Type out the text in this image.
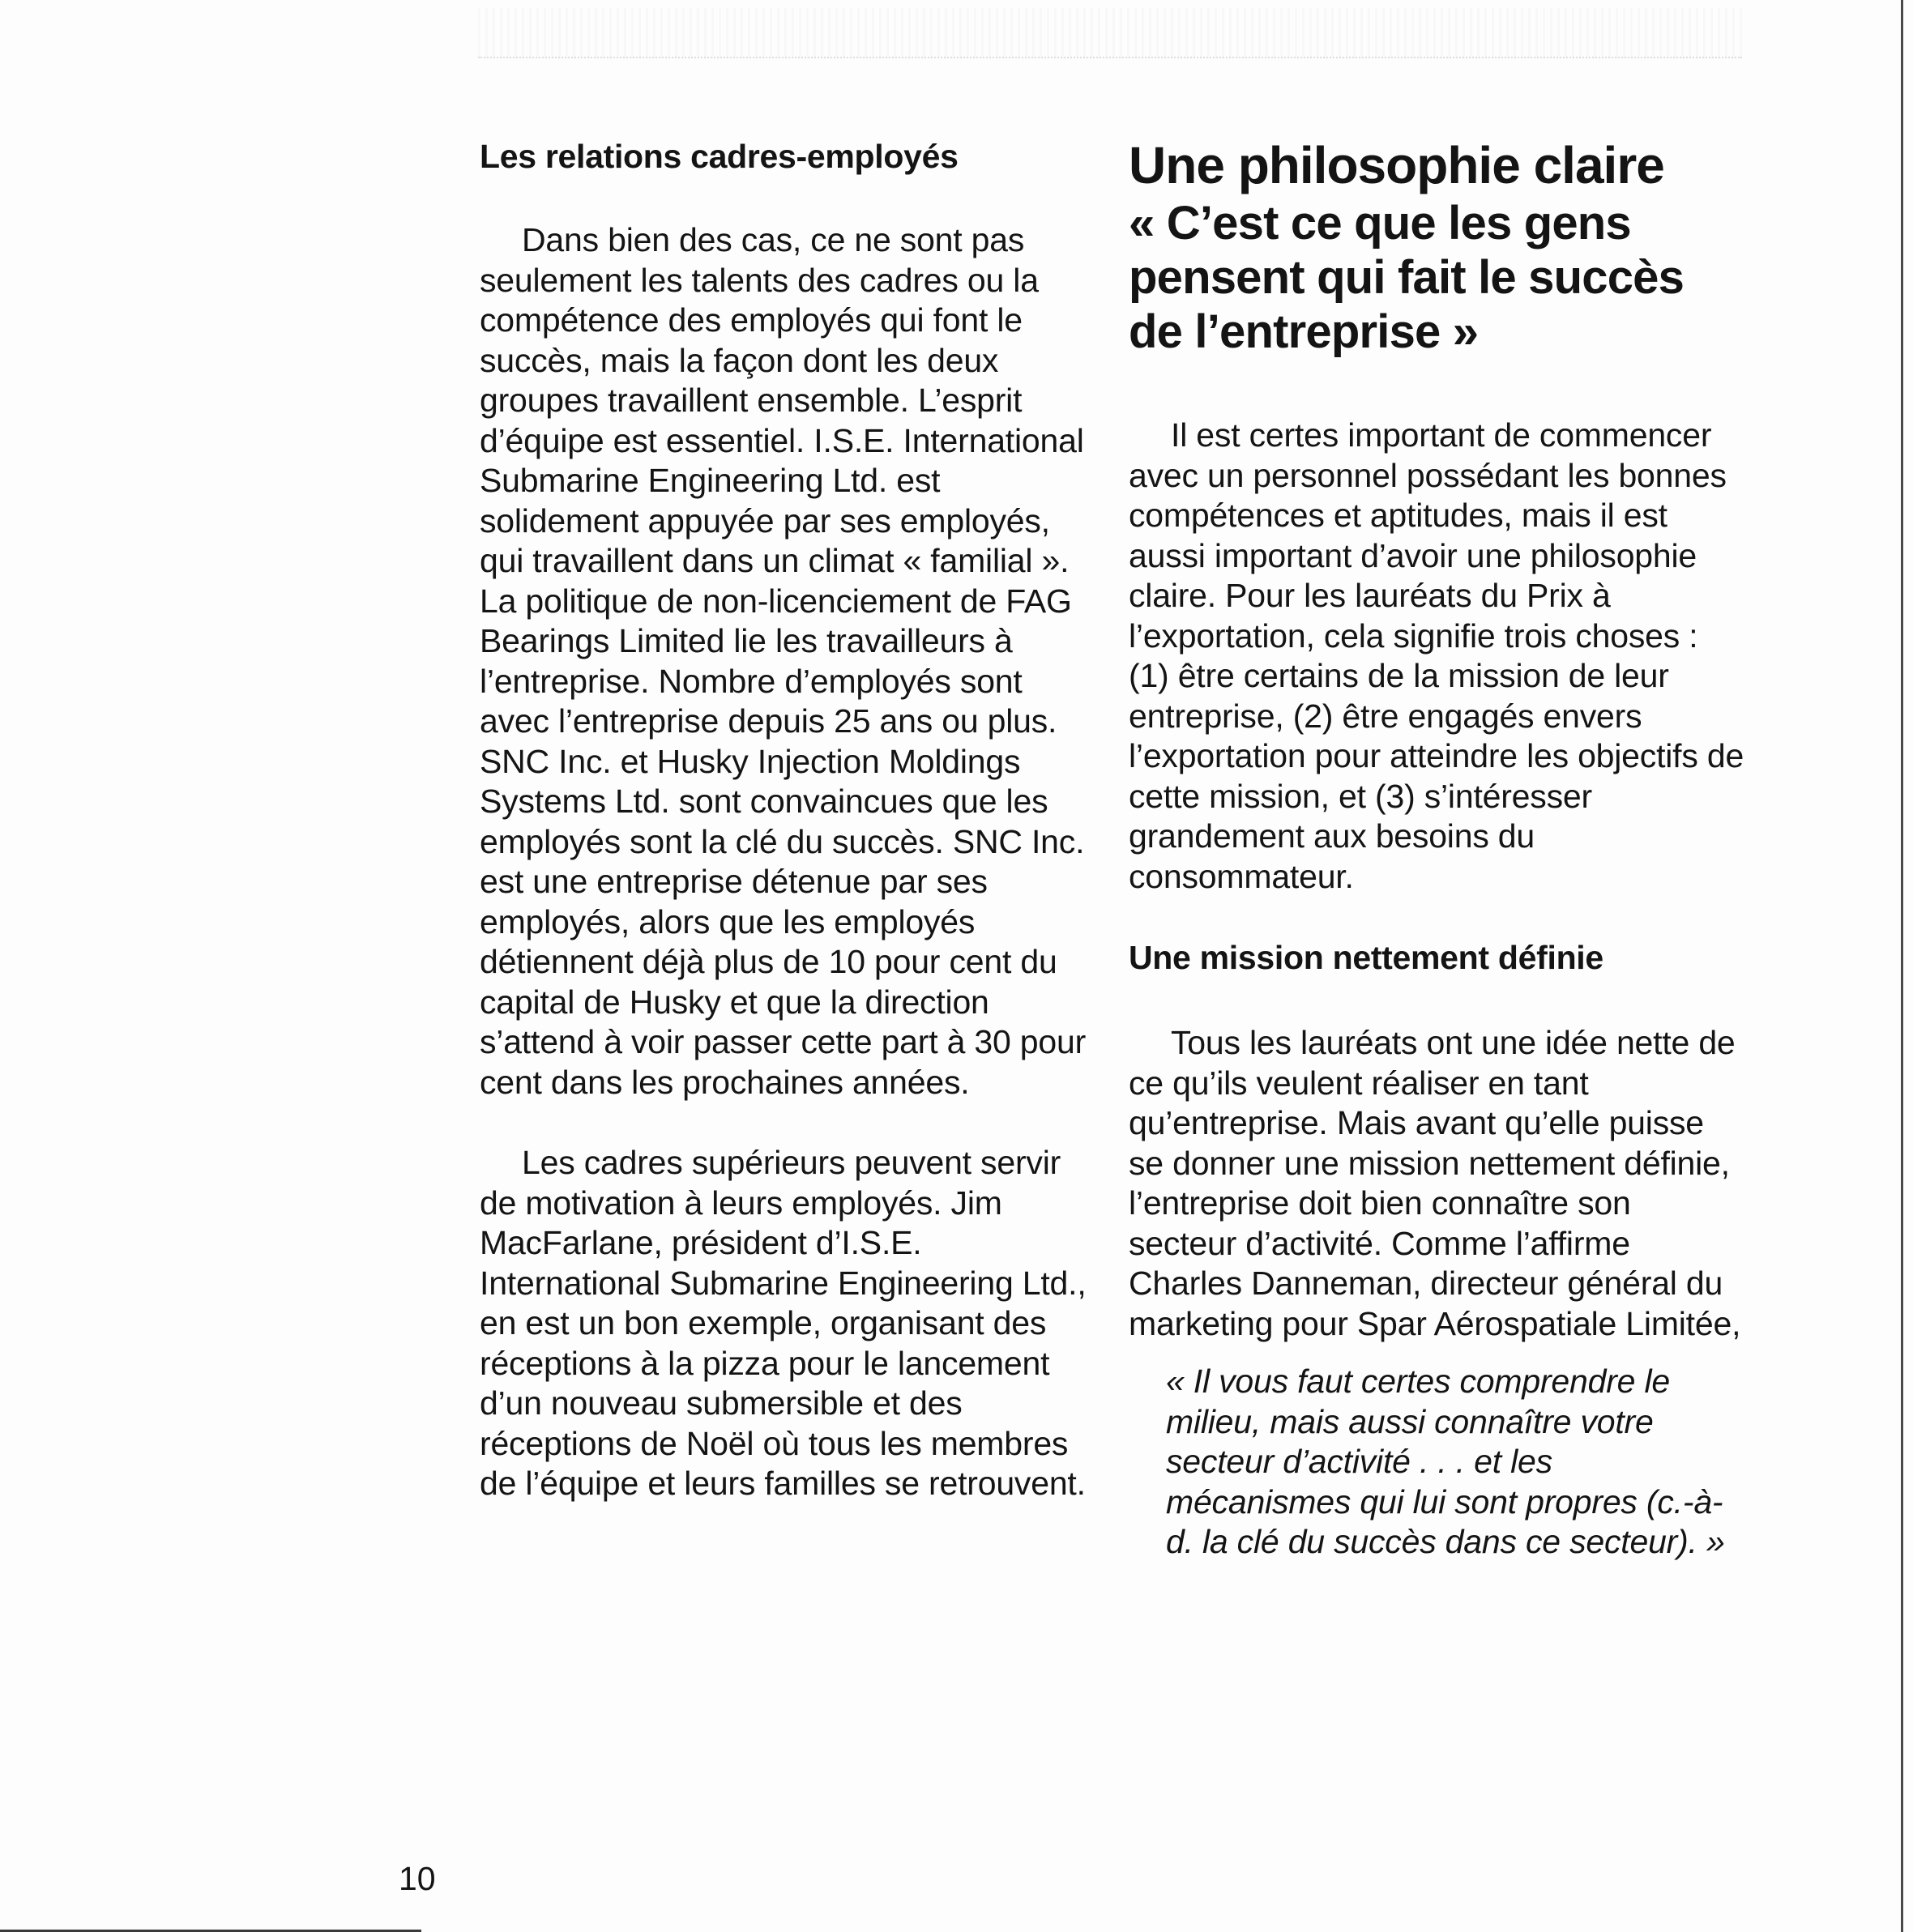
Les relations cadres-employés

Dans bien des cas, ce ne sont pas seulement les talents des cadres ou la compétence des employés qui font le succès, mais la façon dont les deux groupes travaillent ensemble. L’esprit d’équipe est essentiel. I.S.E. International Submarine Engineering Ltd. est solidement appuyée par ses employés, qui travaillent dans un climat « familial ». La politique de non-licenciement de FAG Bearings Limited lie les travailleurs à l’entreprise. Nombre d’employés sont avec l’entreprise depuis 25 ans ou plus. SNC Inc. et Husky Injection Moldings Systems Ltd. sont convaincues que les employés sont la clé du succès. SNC Inc. est une entreprise détenue par ses employés, alors que les employés détiennent déjà plus de 10 pour cent du capital de Husky et que la direction s’attend à voir passer cette part à 30 pour cent dans les prochaines années.

Les cadres supérieurs peuvent servir de motivation à leurs employés. Jim MacFarlane, président d’I.S.E. International Submarine Engineering Ltd., en est un bon exemple, organisant des réceptions à la pizza pour le lancement d’un nouveau submersible et des réceptions de Noël où tous les membres de l’équipe et leurs familles se retrouvent.

Une philosophie claire
« C’est ce que les gens pensent qui fait le succès de l’entreprise »

Il est certes important de commencer avec un personnel possédant les bonnes compétences et aptitudes, mais il est aussi important d’avoir une philosophie claire. Pour les lauréats du Prix à l’exportation, cela signifie trois choses : (1) être certains de la mission de leur entreprise, (2) être engagés envers l’exportation pour atteindre les objectifs de cette mission, et (3) s’intéresser grandement aux besoins du consommateur.

Une mission nettement définie

Tous les lauréats ont une idée nette de ce qu’ils veulent réaliser en tant qu’entreprise. Mais avant qu’elle puisse se donner une mission nettement définie, l’entreprise doit bien connaître son secteur d’activité. Comme l’affirme Charles Danneman, directeur général du marketing pour Spar Aérospatiale Limitée,

« Il vous faut certes comprendre le milieu, mais aussi connaître votre secteur d’activité . . . et les mécanismes qui lui sont propres (c.-à-d. la clé du succès dans ce secteur). »

10
